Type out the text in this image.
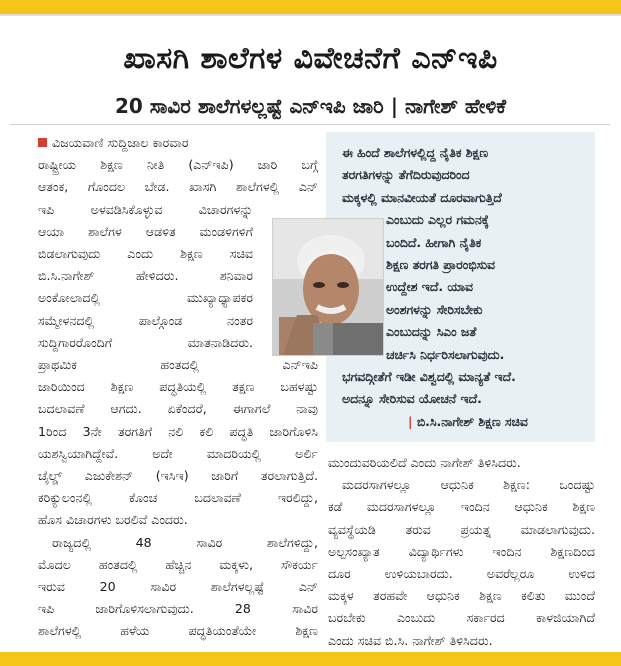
ಖಾಸಗಿ ಶಾಲೆಗಳ ವಿವೇಚನೆಗೆ ಎನ್‌ಇಪಿ
20 ಸಾವಿರ ಶಾಲೆಗಳಲ್ಲಷ್ಟೆ ಎನ್‌ಇಪಿ ಜಾರಿ | ನಾಗೇಶ್ ಹೇಳಿಕೆ
ವಿಜಯವಾಣಿ ಸುದ್ದಿಜಾಲ ಕಾರವಾರ
ರಾಷ್ಟ್ರೀಯ ಶಿಕ್ಷಣ ನೀತಿ (ಎನ್‌ಇಪಿ) ಜಾರಿ ಬಗ್ಗೆ
ಆತಂಕ, ಗೊಂದಲ ಬೇಡ. ಖಾಸಗಿ ಶಾಲೆಗಳಲ್ಲಿ ಎನ್
ಇಪಿ ಅಳವಡಿಸಿಕೊಳ್ಳುವ ವಿಚಾರಗಳನ್ನು
ಆಯಾ ಶಾಲೆಗಳ ಆಡಳಿತ ಮಂಡಳಿಗಳಿಗೆ
ಬಿಡಲಾಗುವುದು ಎಂದು ಶಿಕ್ಷಣ ಸಚಿವ
ಬಿ.ಸಿ.ನಾಗೇಶ್ ಹೇಳಿದರು. ಶನಿವಾರ
ಅಂಕೋಲಾದಲ್ಲಿ ಮುಖ್ಯಾಧ್ಯಾಪಕರ
ಸಮ್ಮೇಳನದಲ್ಲಿ ಪಾಲ್ಗೊಂಡ ನಂತರ
ಸುದ್ದಿಗಾರರೊಂದಿಗೆ ಮಾತನಾಡಿದರು.
ಪ್ರಾಥಮಿಕ ಹಂತದಲ್ಲಿ ಎನ್‌ಇಪಿ
ಜಾರಿಯಿಂದ ಶಿಕ್ಷಣ ಪದ್ಧತಿಯಲ್ಲಿ ತಕ್ಷಣ ಬಹಳಷ್ಟು
ಬದಲಾವಣೆ ಆಗದು. ಏಕೆಂದರೆ, ಈಗಾಗಲೆ ನಾವು
1ರಿಂದ 3ನೇ ತರಗತಿಗೆ ನಲಿ ಕಲಿ ಪದ್ಧತಿ ಜಾರಿಗೊಳಿಸಿ
ಯಶಸ್ವಿಯಾಗಿದ್ದೇವೆ. ಅದೇ ಮಾದರಿಯಲ್ಲಿ ಅರ್ಲಿ
ಚೈಲ್ಡ್ ಎಜುಕೇಶನ್ (ಇಸಿಇ) ಜಾರಿಗೆ ತರಲಾಗುತ್ತಿದೆ.
ಕರಿಕ್ಯುಲಂನಲ್ಲಿ ಕೊಂಚ ಬದಲಾವಣೆ ಇರಲಿದ್ದು,
ಹೊಸ ವಿಚಾರಗಳು ಬರಲಿವೆ ಎಂದರು.
ರಾಜ್ಯದಲ್ಲಿ 48 ಸಾವಿರ ಶಾಲೆಗಳಿದ್ದು,
ಮೊದಲ ಹಂತದಲ್ಲಿ ಹೆಚ್ಚಿನ ಮಕ್ಕಳು, ಸೌಕರ್ಯ
ಇರುವ 20 ಸಾವಿರ ಶಾಲೆಗಳಲ್ಲಷ್ಟೆ ಎನ್
ಇಪಿ ಜಾರಿಗೊಳಿಸಲಾಗುವುದು. 28 ಸಾವಿರ
ಶಾಲೆಗಳಲ್ಲಿ ಹಳೆಯ ಪದ್ಧತಿಯಂತೆಯೇ ಶಿಕ್ಷಣ
ಈ ಹಿಂದೆ ಶಾಲೆಗಳಲ್ಲಿದ್ದ ನೈತಿಕ ಶಿಕ್ಷಣ
ತರಗತಿಗಳನ್ನು ತೆಗೆದಿರುವುದರಿಂದ
ಮಕ್ಕಳಲ್ಲಿ ಮಾನವೀಯತೆ ದೂರವಾಗುತ್ತಿದೆ
ಎಂಬುದು ಎಲ್ಲರ ಗಮನಕ್ಕೆ
ಬಂದಿದೆ. ಹೀಗಾಗಿ ನೈತಿಕ
ಶಿಕ್ಷಣ ತರಗತಿ ಪ್ರಾರಂಭಿಸುವ
ಉದ್ದೇಶ ಇದೆ. ಯಾವ
ಅಂಶಗಳನ್ನು ಸೇರಿಸಬೇಕು
ಎಂಬುದನ್ನು ಸಿಎಂ ಜತೆ
ಚರ್ಚಿಸಿ ನಿರ್ಧರಿಸಲಾಗುವುದು.
ಭಗವದ್ಗೀತೆಗೆ ಇಡೀ ವಿಶ್ವದಲ್ಲಿ ಮಾನ್ಯತೆ ಇದೆ.
ಅದನ್ನೂ ಸೇರಿಸುವ ಯೋಚನೆ ಇದೆ.
| ಬಿ.ಸಿ.ನಾಗೇಶ್ ಶಿಕ್ಷಣ ಸಚಿವ
ಮುಂದುವರಿಯಲಿದೆ ಎಂದು ನಾಗೇಶ್ ತಿಳಿಸಿದರು.
ಮದರಸಾಗಳಲ್ಲೂ ಆಧುನಿಕ ಶಿಕ್ಷಣ: ಒಂದಷ್ಟು
ಕಡೆ ಮದರಸಾಗಳಲ್ಲೂ ಇಂದಿನ ಆಧುನಿಕ ಶಿಕ್ಷಣ
ವ್ಯವಸ್ಥೆಯಡಿ ತರುವ ಪ್ರಯತ್ನ ಮಾಡಲಾಗುವುದು.
ಅಲ್ಪಸಂಖ್ಯಾತ ವಿದ್ಯಾರ್ಥಿಗಳು ಇಂದಿನ ಶಿಕ್ಷಣದಿಂದ
ದೂರ ಉಳಿಯಬಾರದು. ಅವರೆಲ್ಲರೂ ಉಳಿದ
ಮಕ್ಕಳ ತರಹವೇ ಆಧುನಿಕ ಶಿಕ್ಷಣ ಕಲಿತು ಮುಂದೆ
ಬರಬೇಕು ಎಂಬುದು ಸರ್ಕಾರದ ಕಾಳಜಿಯಾಗಿದೆ
ಎಂದು ಸಚಿವ ಬಿ.ಸಿ. ನಾಗೇಶ್ ತಿಳಿಸಿದರು.
